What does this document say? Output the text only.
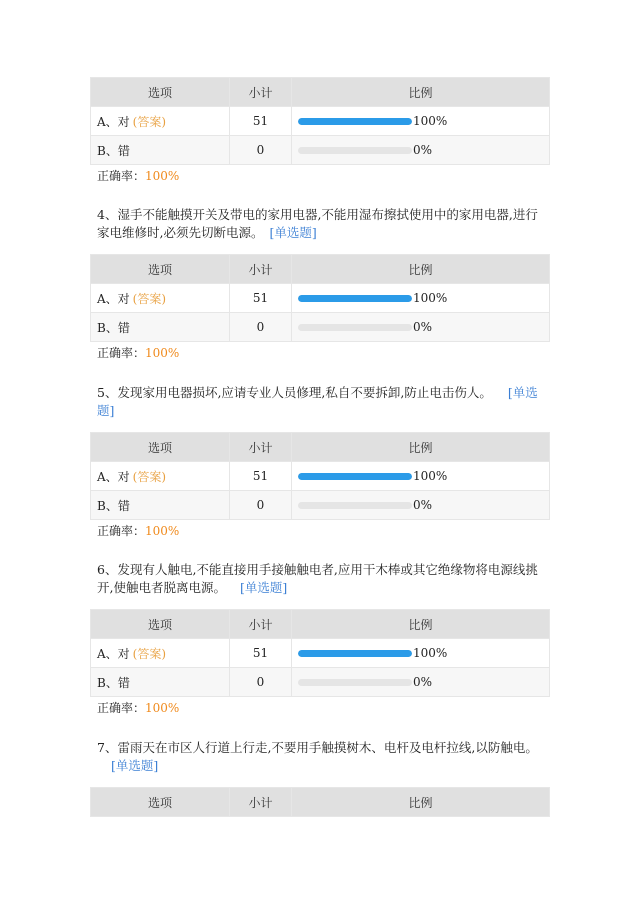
选项	小计	比例
A、对 (答案)	51	100%
B、错	0	0%
正确率：100%

4、湿手不能触摸开关及带电的家用电器,不能用湿布擦拭使用中的家用电器,进行家电维修时,必须先切断电源。 [单选题]

选项	小计	比例
A、对 (答案)	51	100%
B、错	0	0%
正确率：100%

5、发现家用电器损坏,应请专业人员修理,私自不要拆卸,防止电击伤人。 [单选题]

选项	小计	比例
A、对 (答案)	51	100%
B、错	0	0%
正确率：100%

6、发现有人触电,不能直接用手接触触电者,应用干木棒或其它绝缘物将电源线挑开,使触电者脱离电源。 [单选题]

选项	小计	比例
A、对 (答案)	51	100%
B、错	0	0%
正确率：100%

7、雷雨天在市区人行道上行走,不要用手触摸树木、电杆及电杆拉线,以防触电。[单选题]

选项	小计	比例
